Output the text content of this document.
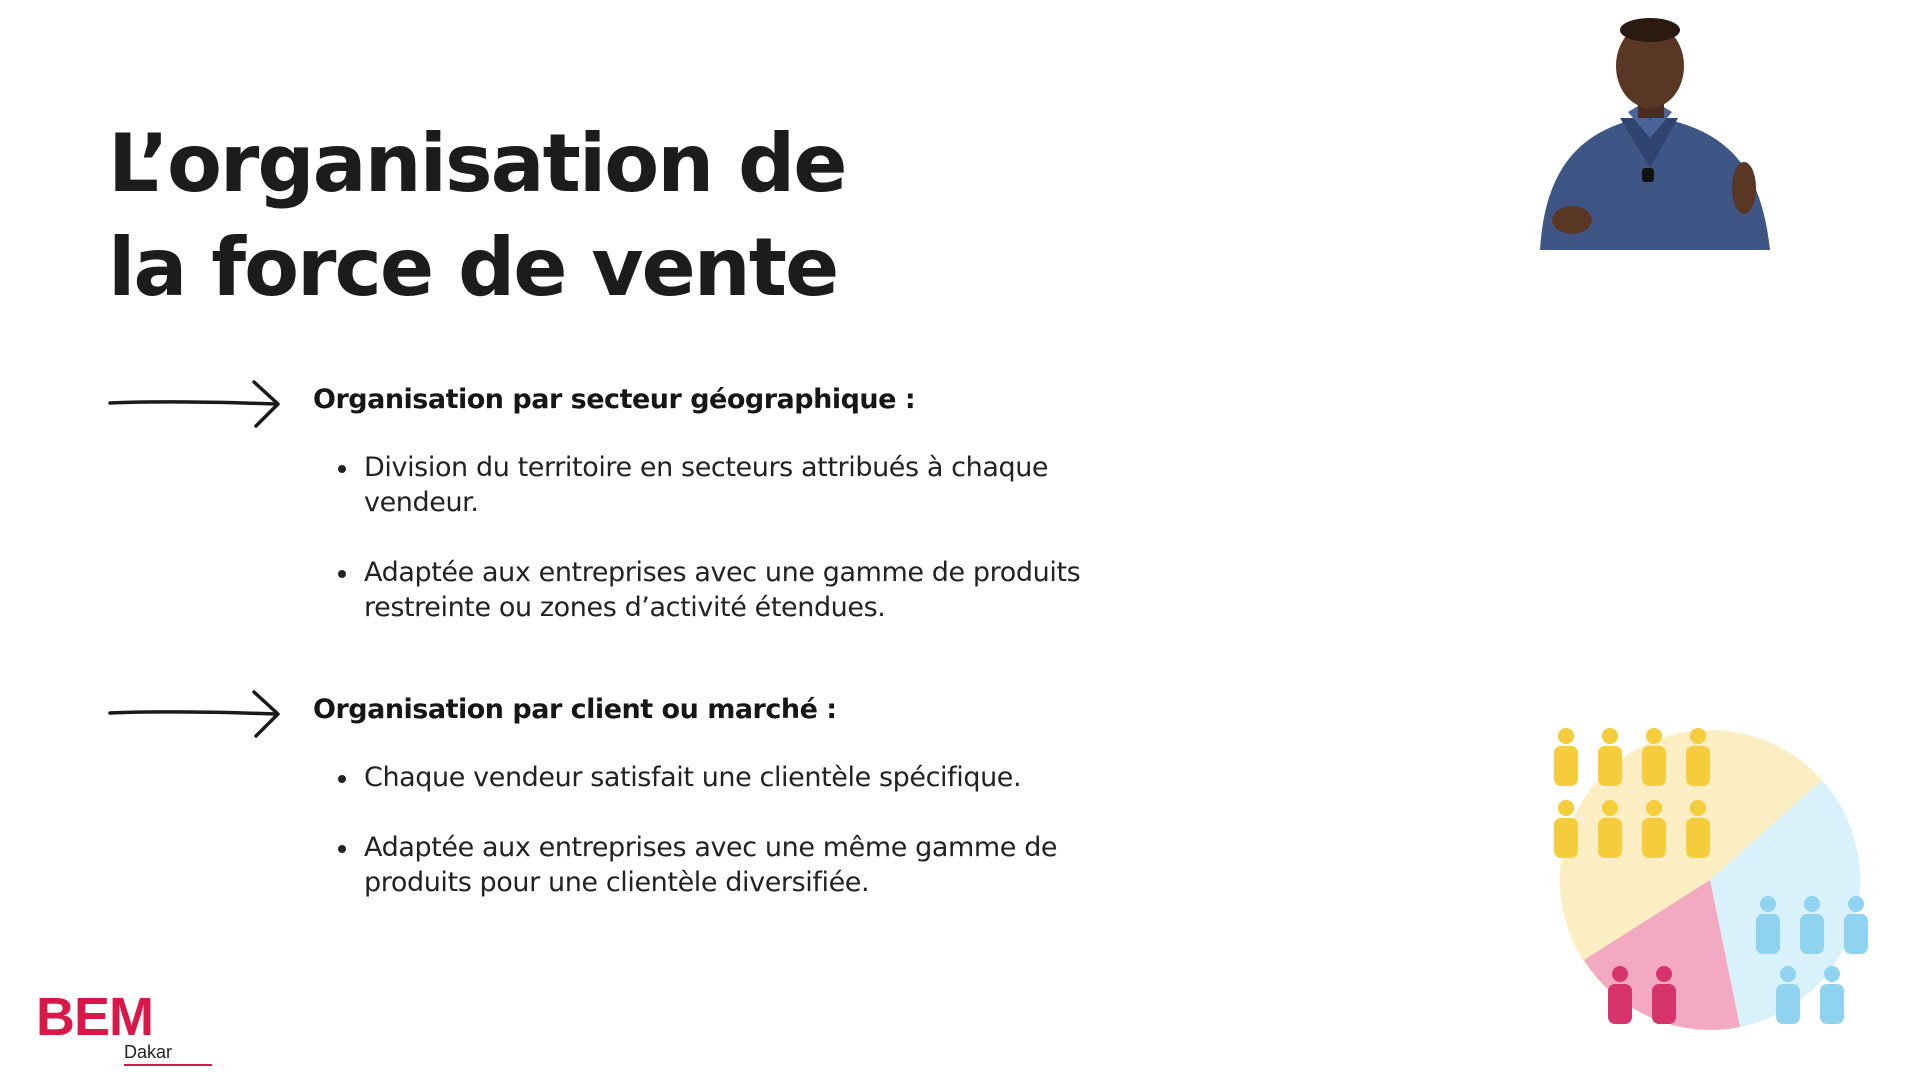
L’organisation de
la force de vente
Organisation par secteur géographique :
Division du territoire en secteurs attribués à chaque vendeur.
Adaptée aux entreprises avec une gamme de produits restreinte ou zones d’activité étendues.
Organisation par client ou marché :
Chaque vendeur satisfait une clientèle spécifique.
Adaptée aux entreprises avec une même gamme de produits pour une clientèle diversifiée.
BEM
Dakar
